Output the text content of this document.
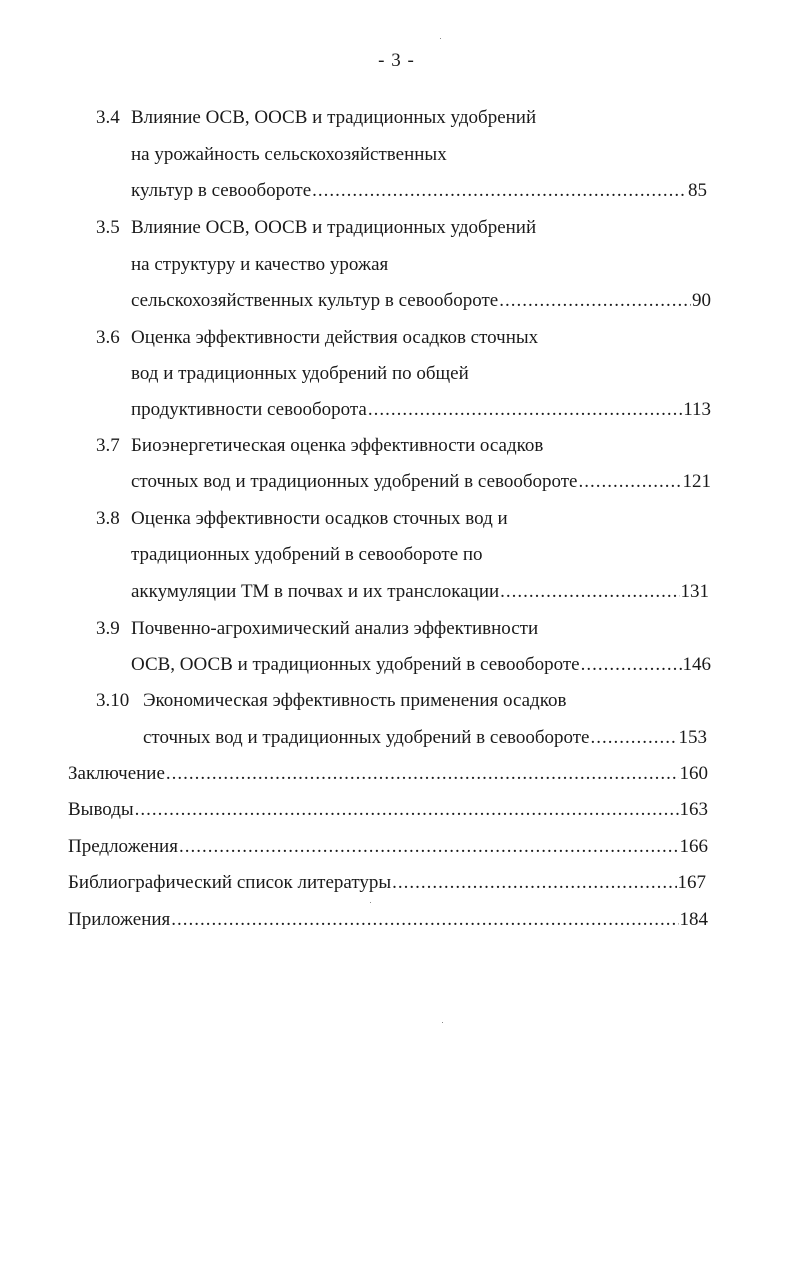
- 3 -
3.4 Влияние ОСВ, ООСВ и традиционных удобрений
на урожайность сельскохозяйственных
культур в севообороте .....	85
3.5 Влияние ОСВ, ООСВ и традиционных удобрений
на структуру и качество урожая
сельскохозяйственных культур в севообороте .....	90
3.6 Оценка эффективности действия осадков сточных
вод и традиционных удобрений по общей
продуктивности севооборота .....	113
3.7 Биоэнергетическая оценка эффективности осадков
сточных вод и традиционных удобрений в севообороте .....	121
3.8 Оценка эффективности осадков сточных вод и
традиционных удобрений в севообороте по
аккумуляции ТМ в почвах и их транслокации .....	131
3.9 Почвенно-агрохимический анализ эффективности
ОСВ, ООСВ и традиционных удобрений в севообороте .....	146
3.10 Экономическая эффективность применения осадков
сточных вод и традиционных удобрений в севообороте .....	153
Заключение .....	160
Выводы .....	163
Предложения .....	166
Библиографический список литературы .....	167
Приложения .....	184
